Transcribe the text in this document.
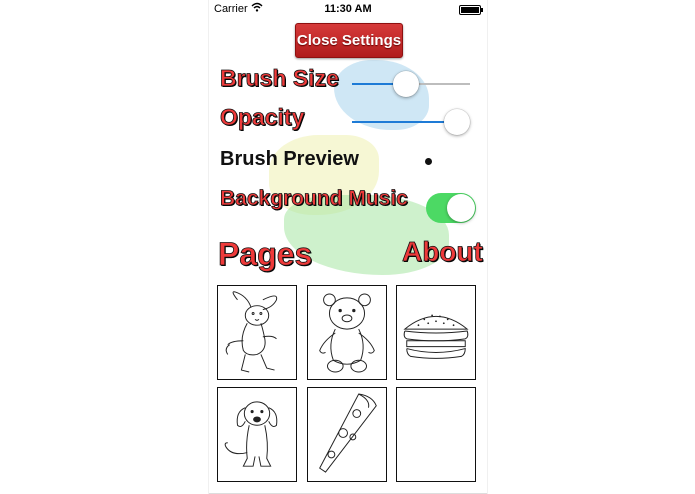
Carrier	11:30 AM
Close Settings
Brush Size
Opacity
Brush Preview
Background Music
Pages	About
